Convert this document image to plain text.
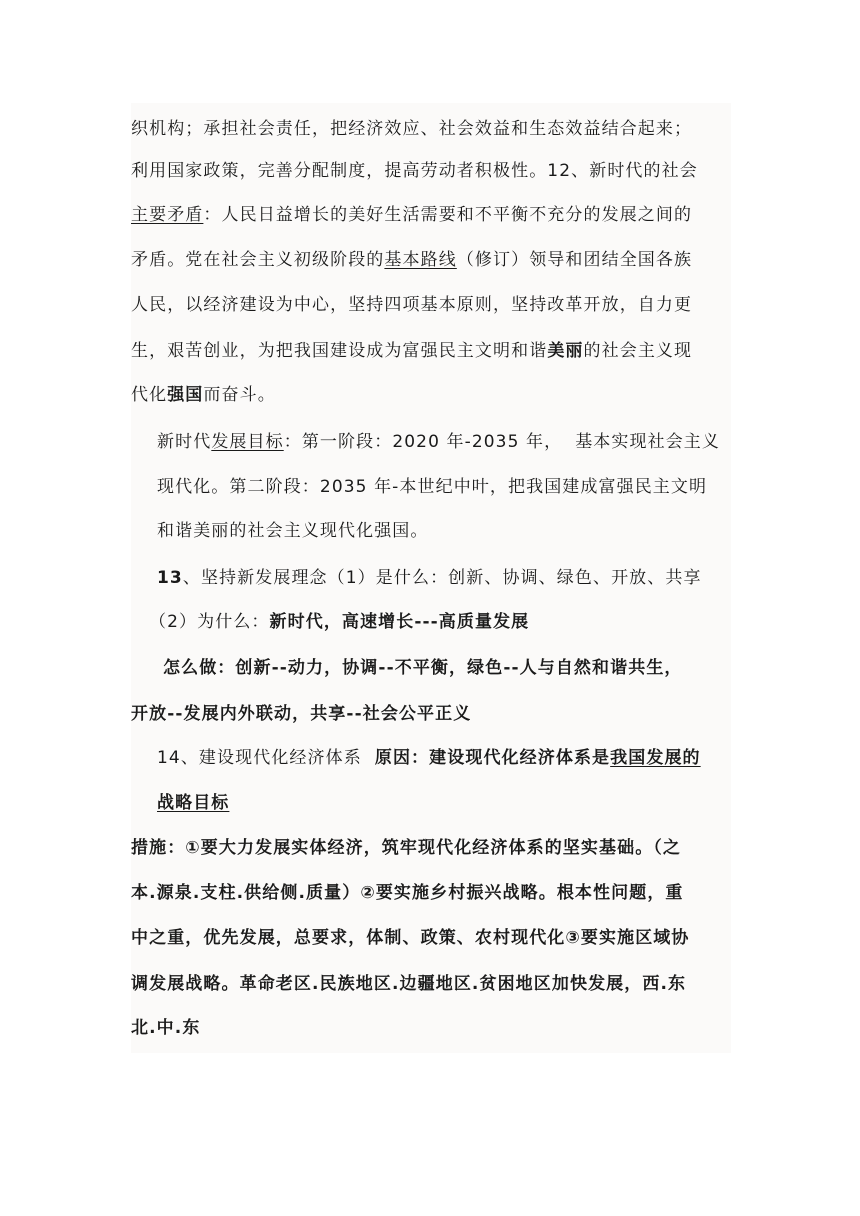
织机构；承担社会责任，把经济效应、社会效益和生态效益结合起来；
利用国家政策，完善分配制度，提高劳动者积极性。12、新时代的社会
主要矛盾：人民日益增长的美好生活需要和不平衡不充分的发展之间的
矛盾。党在社会主义初级阶段的基本路线（修订）领导和团结全国各族
人民，以经济建设为中心，坚持四项基本原则，坚持改革开放，自力更
生，艰苦创业，为把我国建设成为富强民主文明和谐美丽的社会主义现
代化强国而奋斗。
新时代发展目标：第一阶段：2020 年-2035 年，  基本实现社会主义
现代化。第二阶段：2035 年-本世纪中叶，把我国建成富强民主文明
和谐美丽的社会主义现代化强国。
13、坚持新发展理念（1）是什么：创新、协调、绿色、开放、共享
（2）为什么：新时代，高速增长---高质量发展
怎么做：创新--动力，协调--不平衡，绿色--人与自然和谐共生，
开放--发展内外联动，共享--社会公平正义
14、建设现代化经济体系  原因：建设现代化经济体系是我国发展的
战略目标
措施：①要大力发展实体经济，筑牢现代化经济体系的坚实基础。（之
本.源泉.支柱.供给侧.质量）②要实施乡村振兴战略。根本性问题，重
中之重，优先发展，总要求，体制、政策、农村现代化③要实施区域协
调发展战略。革命老区.民族地区.边疆地区.贫困地区加快发展，西.东
北.中.东
